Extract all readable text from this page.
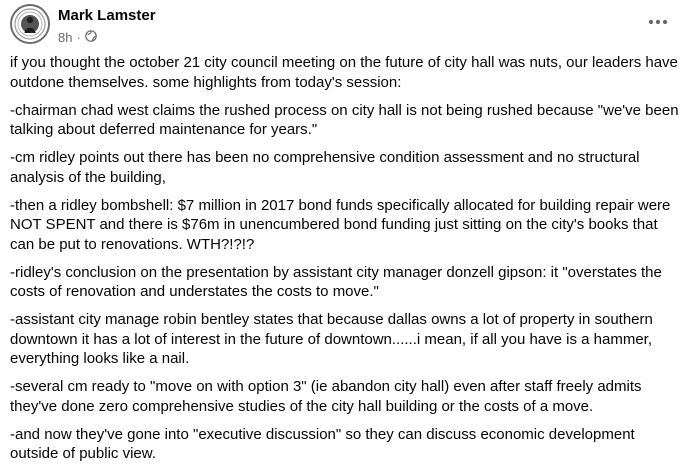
Mark Lamster
8h ·

if you thought the october 21 city council meeting on the future of city hall was nuts, our leaders have outdone themselves. some highlights from today's session:

-chairman chad west claims the rushed process on city hall is not being rushed because "we've been talking about deferred maintenance for years."

-cm ridley points out there has been no comprehensive condition assessment and no structural analysis of the building,

-then a ridley bombshell: $7 million in 2017 bond funds specifically allocated for building repair were NOT SPENT and there is $76m in unencumbered bond funding just sitting on the city's books that can be put to renovations. WTH?!?!?

-ridley's conclusion on the presentation by assistant city manager donzell gipson: it "overstates the costs of renovation and understates the costs to move."

-assistant city manage robin bentley states that because dallas owns a lot of property in southern downtown it has a lot of interest in the future of downtown......i mean, if all you have is a hammer, everything looks like a nail.

-several cm ready to "move on with option 3" (ie abandon city hall) even after staff freely admits they've done zero comprehensive studies of the city hall building or the costs of a move.

-and now they've gone into "executive discussion" so they can discuss economic development outside of public view.
